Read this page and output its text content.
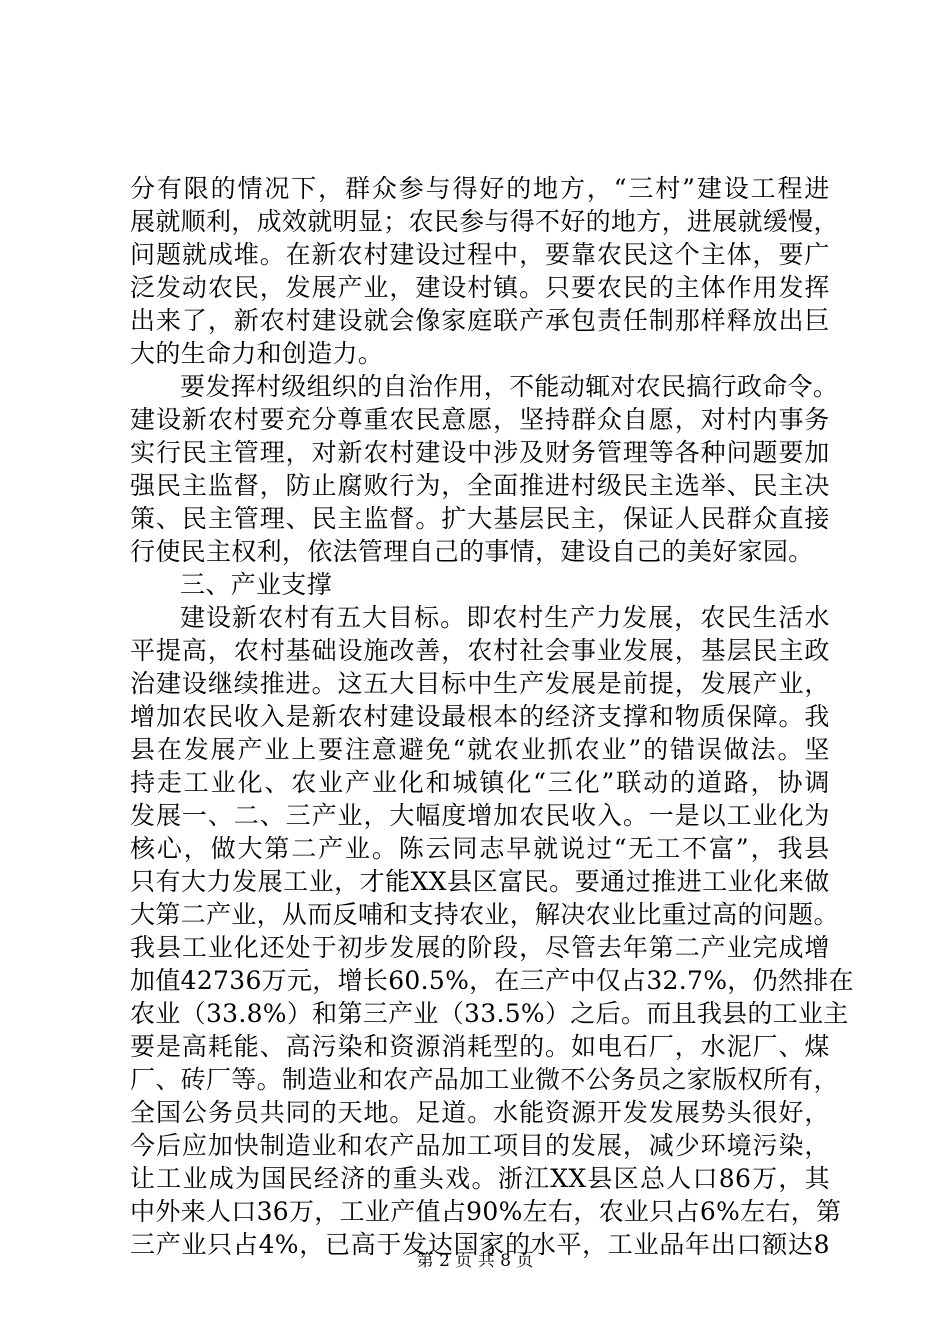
分 有 限 的 情 况 下 ， 群 众 参 与 得 好 的 地 方 ， “ 三 村 ” 建 设 工 程 进
展 就 顺 利 ， 成 效 就 明 显 ； 农 民 参 与 得 不 好 的 地 方 ， 进 展 就 缓 慢 ，
问 题 就 成 堆 。 在 新 农 村 建 设 过 程 中 ， 要 靠 农 民 这 个 主 体 ， 要 广
泛 发 动 农 民 ， 发 展 产 业 ， 建 设 村 镇 。 只 要 农 民 的 主 体 作 用 发 挥
出 来 了 ， 新 农 村 建 设 就 会 像 家 庭 联 产 承 包 责 任 制 那 样 释 放 出 巨
大 的 生 命 力 和 创 造 力 。
要 发 挥 村 级 组 织 的 自 治 作 用 ， 不 能 动 辄 对 农 民 搞 行 政 命 令 。
建 设 新 农 村 要 充 分 尊 重 农 民 意 愿 ， 坚 持 群 众 自 愿 ， 对 村 内 事 务
实 行 民 主 管 理 ， 对 新 农 村 建 设 中 涉 及 财 务 管 理 等 各 种 问 题 要 加
强 民 主 监 督 ， 防 止 腐 败 行 为 ， 全 面 推 进 村 级 民 主 选 举 、 民 主 决
策 、 民 主 管 理 、 民 主 监 督 。 扩 大 基 层 民 主 ， 保 证 人 民 群 众 直 接
行 使 民 主 权 利 ， 依 法 管 理 自 己 的 事 情 ， 建 设 自 己 的 美 好 家 园 。
三 、 产 业 支 撑
建 设 新 农 村 有 五 大 目 标 。 即 农 村 生 产 力 发 展 ， 农 民 生 活 水
平 提 高 ， 农 村 基 础 设 施 改 善 ， 农 村 社 会 事 业 发 展 ， 基 层 民 主 政
治 建 设 继 续 推 进 。 这 五 大 目 标 中 生 产 发 展 是 前 提 ， 发 展 产 业 ，
增 加 农 民 收 入 是 新 农 村 建 设 最 根 本 的 经 济 支 撑 和 物 质 保 障 。 我
县 在 发 展 产 业 上 要 注 意 避 免 “ 就 农 业 抓 农 业 ” 的 错 误 做 法 。 坚
持 走 工 业 化 、 农 业 产 业 化 和 城 镇 化 “ 三 化 ” 联 动 的 道 路 ， 协 调
发 展 一 、 二 、 三 产 业 ， 大 幅 度 增 加 农 民 收 入 。 一 是 以 工 业 化 为
核 心 ， 做 大 第 二 产 业 。 陈 云 同 志 早 就 说 过 “ 无 工 不 富 ” ， 我 县
只 有 大 力 发 展 工 业 ， 才 能 XX 县 区 富 民 。 要 通 过 推 进 工 业 化 来 做
大 第 二 产 业 ， 从 而 反 哺 和 支 持 农 业 ， 解 决 农 业 比 重 过 高 的 问 题 。
我 县 工 业 化 还 处 于 初 步 发 展 的 阶 段 ， 尽 管 去 年 第 二 产 业 完 成 增
加 值 42736 万 元 ， 增 长 60.5% ， 在 三 产 中 仅 占 32.7% ， 仍 然 排 在
农 业 （ 33.8% ） 和 第 三 产 业 （ 33.5% ） 之 后 。 而 且 我 县 的 工 业 主
要 是 高 耗 能 、 高 污 染 和 资 源 消 耗 型 的 。 如 电 石 厂 ， 水 泥 厂 、 煤
厂 、 砖 厂 等 。 制 造 业 和 农 产 品 加 工 业 微 不 公 务 员 之 家 版 权 所 有 ，
全 国 公 务 员 共 同 的 天 地 。 足 道 。 水 能 资 源 开 发 发 展 势 头 很 好 ，
今 后 应 加 快 制 造 业 和 农 产 品 加 工 项 目 的 发 展 ， 减 少 环 境 污 染 ，
让 工 业 成 为 国 民 经 济 的 重 头 戏 。 浙 江 XX 县 区 总 人 口 86 万 ， 其
中 外 来 人 口 36 万 ， 工 业 产 值 占 90% 左 右 ， 农 业 只 占 6% 左 右 ， 第
三 产 业 只 占 4% ， 已 高 于 发 达 国 家 的 水 平 ， 工 业 品 年 出 口 额 达 8
第 2 页 共 8 页
